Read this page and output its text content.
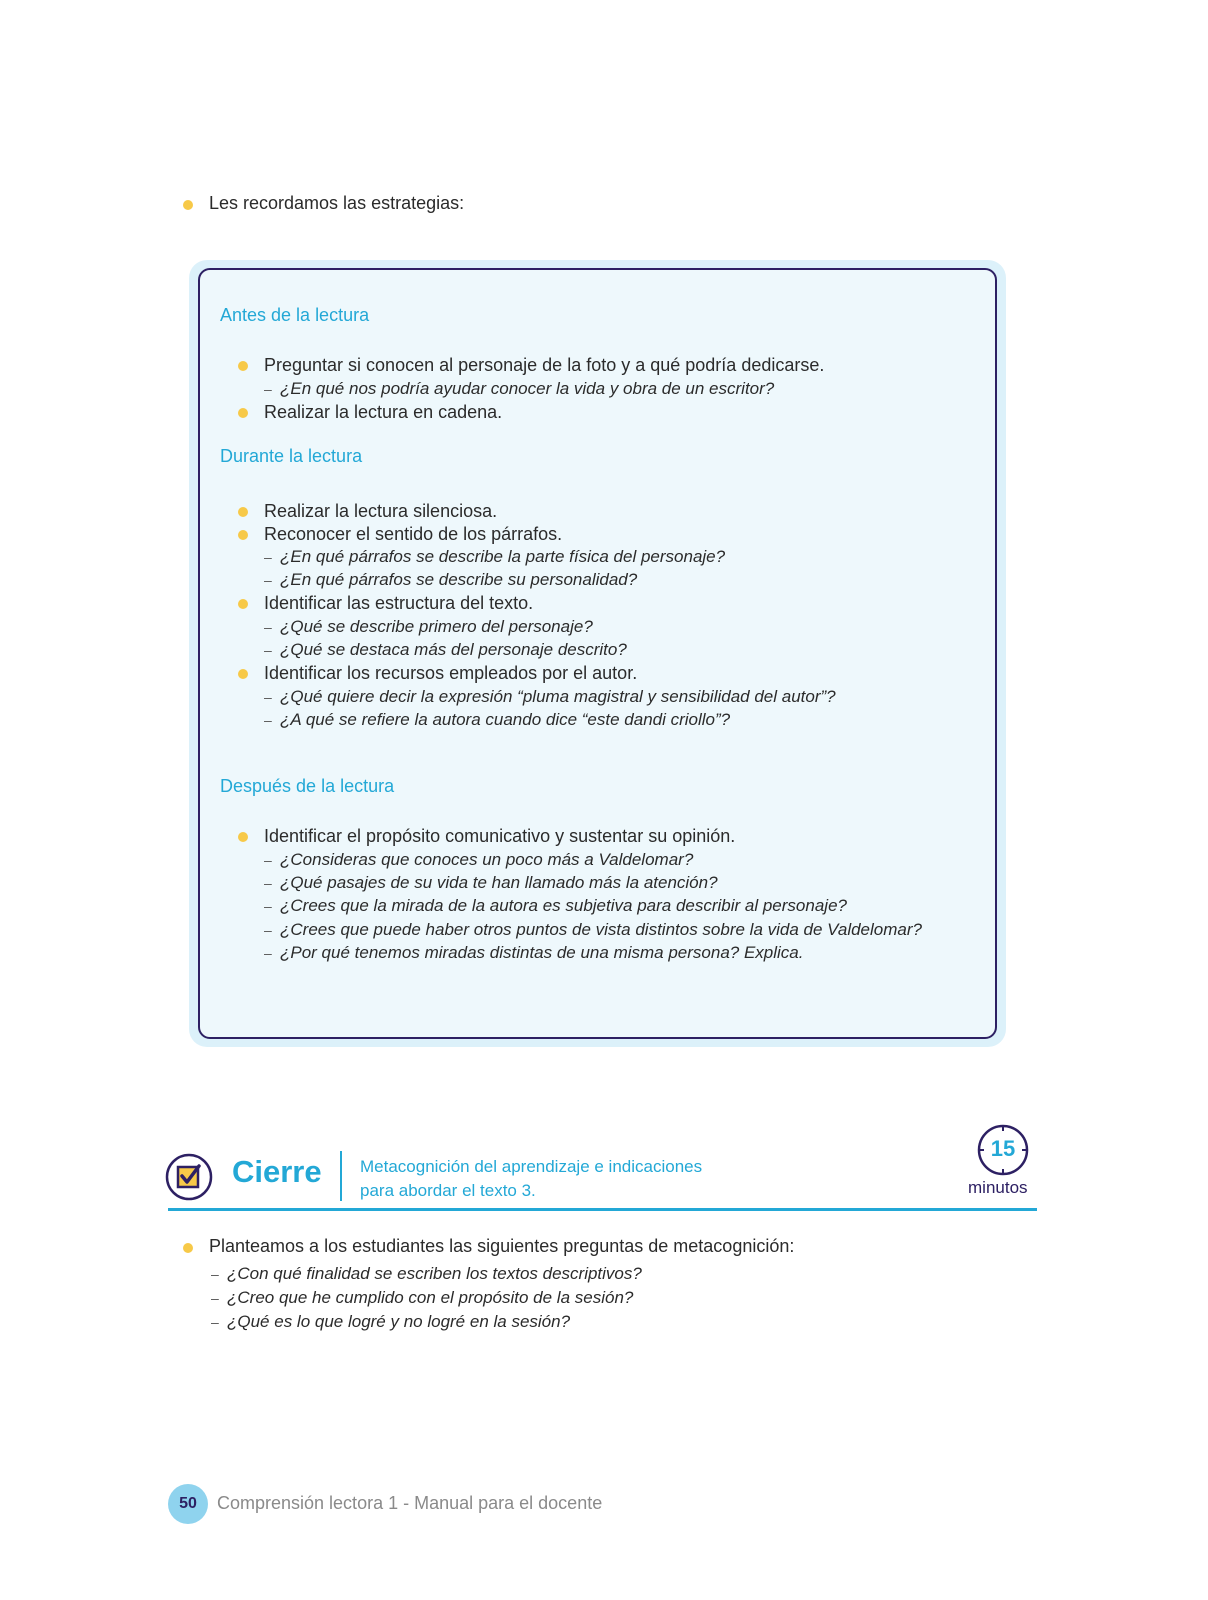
Les recordamos las estrategias:
Antes de la lectura
Preguntar si conocen al personaje de la foto y a qué podría dedicarse.
– ¿En qué nos podría ayudar conocer la vida y obra de un escritor?
Realizar la lectura en cadena.
Durante la lectura
Realizar la lectura silenciosa.
Reconocer el sentido de los párrafos.
– ¿En qué párrafos se describe la parte física del personaje?
– ¿En qué párrafos se describe su personalidad?
Identificar las estructura del texto.
– ¿Qué se describe primero del personaje?
– ¿Qué se destaca más del personaje descrito?
Identificar los recursos empleados por el autor.
– ¿Qué quiere decir la expresión “pluma magistral y sensibilidad del autor”?
– ¿A qué se refiere la autora cuando dice “este dandi criollo”?
Después de la lectura
Identificar el propósito comunicativo y sustentar su opinión.
– ¿Consideras que conoces un poco más a Valdelomar?
– ¿Qué pasajes de su vida te han llamado más la atención?
– ¿Crees que la mirada de la autora es subjetiva para describir al personaje?
– ¿Crees que puede haber otros puntos de vista distintos sobre la vida de Valdelomar?
– ¿Por qué tenemos miradas distintas de una misma persona? Explica.
Cierre Metacognición del aprendizaje e indicaciones
para abordar el texto 3.
15
minutos
Planteamos a los estudiantes las siguientes preguntas de metacognición:
– ¿Con qué finalidad se escriben los textos descriptivos?
– ¿Creo que he cumplido con el propósito de la sesión?
– ¿Qué es lo que logré y no logré en la sesión?
50	Comprensión lectora 1 - Manual para el docente
